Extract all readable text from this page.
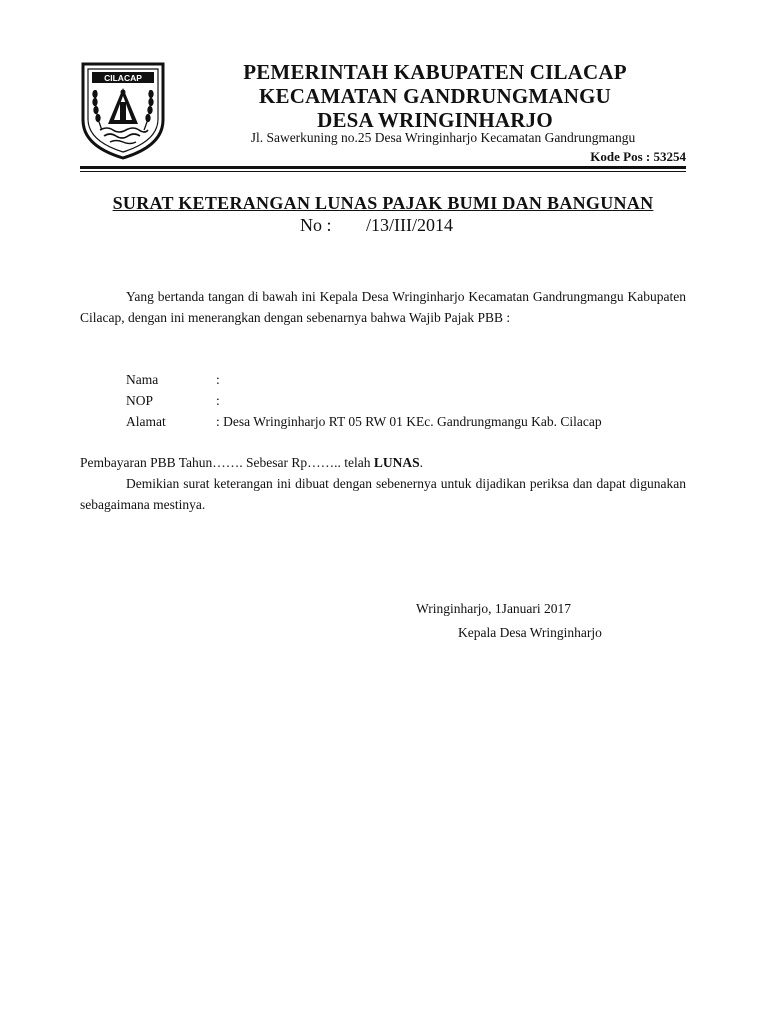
CILACAP	PEMERINTAH KABUPATEN CILACAP
KECAMATAN GANDRUNGMANGU
DESA WRINGINHARJO
Jl. Sawerkuning no.25 Desa Wringinharjo Kecamatan Gandrungmangu
Kode Pos : 53254
SURAT KETERANGAN LUNAS PAJAK BUMI DAN BANGUNAN
No : /13/III/2014
Yang bertanda tangan di bawah ini Kepala Desa Wringinharjo Kecamatan Gandrungmangu Kabupaten Cilacap, dengan ini menerangkan dengan sebenarnya bahwa Wajib Pajak PBB :
Nama	:
NOP	:
Alamat	: Desa Wringinharjo RT 05 RW 01 KEc. Gandrungmangu Kab. Cilacap
Pembayaran PBB Tahun……. Sebesar Rp…….. telah LUNAS.
Demikian surat keterangan ini dibuat dengan sebenernya untuk dijadikan periksa dan dapat digunakan sebagaimana mestinya.
Wringinharjo, 1Januari 2017
Kepala Desa Wringinharjo
